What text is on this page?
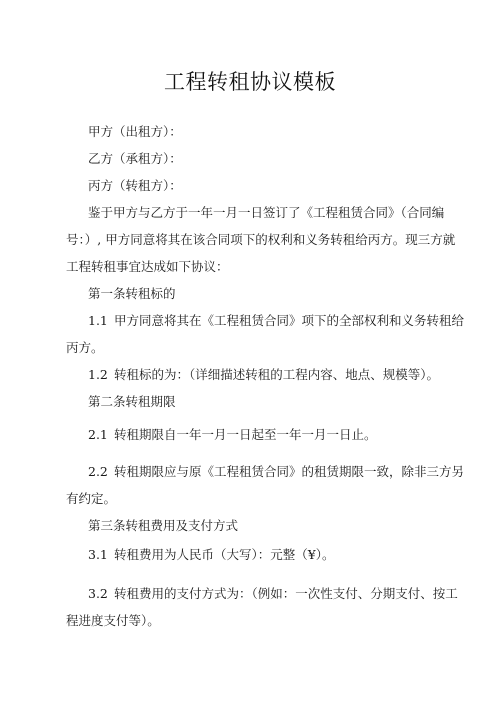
工程转租协议模板
甲方（出租方）：
乙方（承租方）：
丙方（转租方）：
鉴于甲方与乙方于一年一月一日签订了《工程租赁合同》（合同编
号：）, 甲方同意将其在该合同项下的权利和义务转租给丙方。现三方就
工程转租事宜达成如下协议：
第一条转租标的
1.1 甲方同意将其在《工程租赁合同》项下的全部权利和义务转租给
丙方。
1.2 转租标的为：（详细描述转租的工程内容、地点、规模等）。
第二条转租期限
2.1 转租期限自一年一月一日起至一年一月一日止。
2.2 转租期限应与原《工程租赁合同》的租赁期限一致，除非三方另
有约定。
第三条转租费用及支付方式
3.1 转租费用为人民币（大写）：元整（¥）。
3.2 转租费用的支付方式为：（例如：一次性支付、分期支付、按工
程进度支付等）。
